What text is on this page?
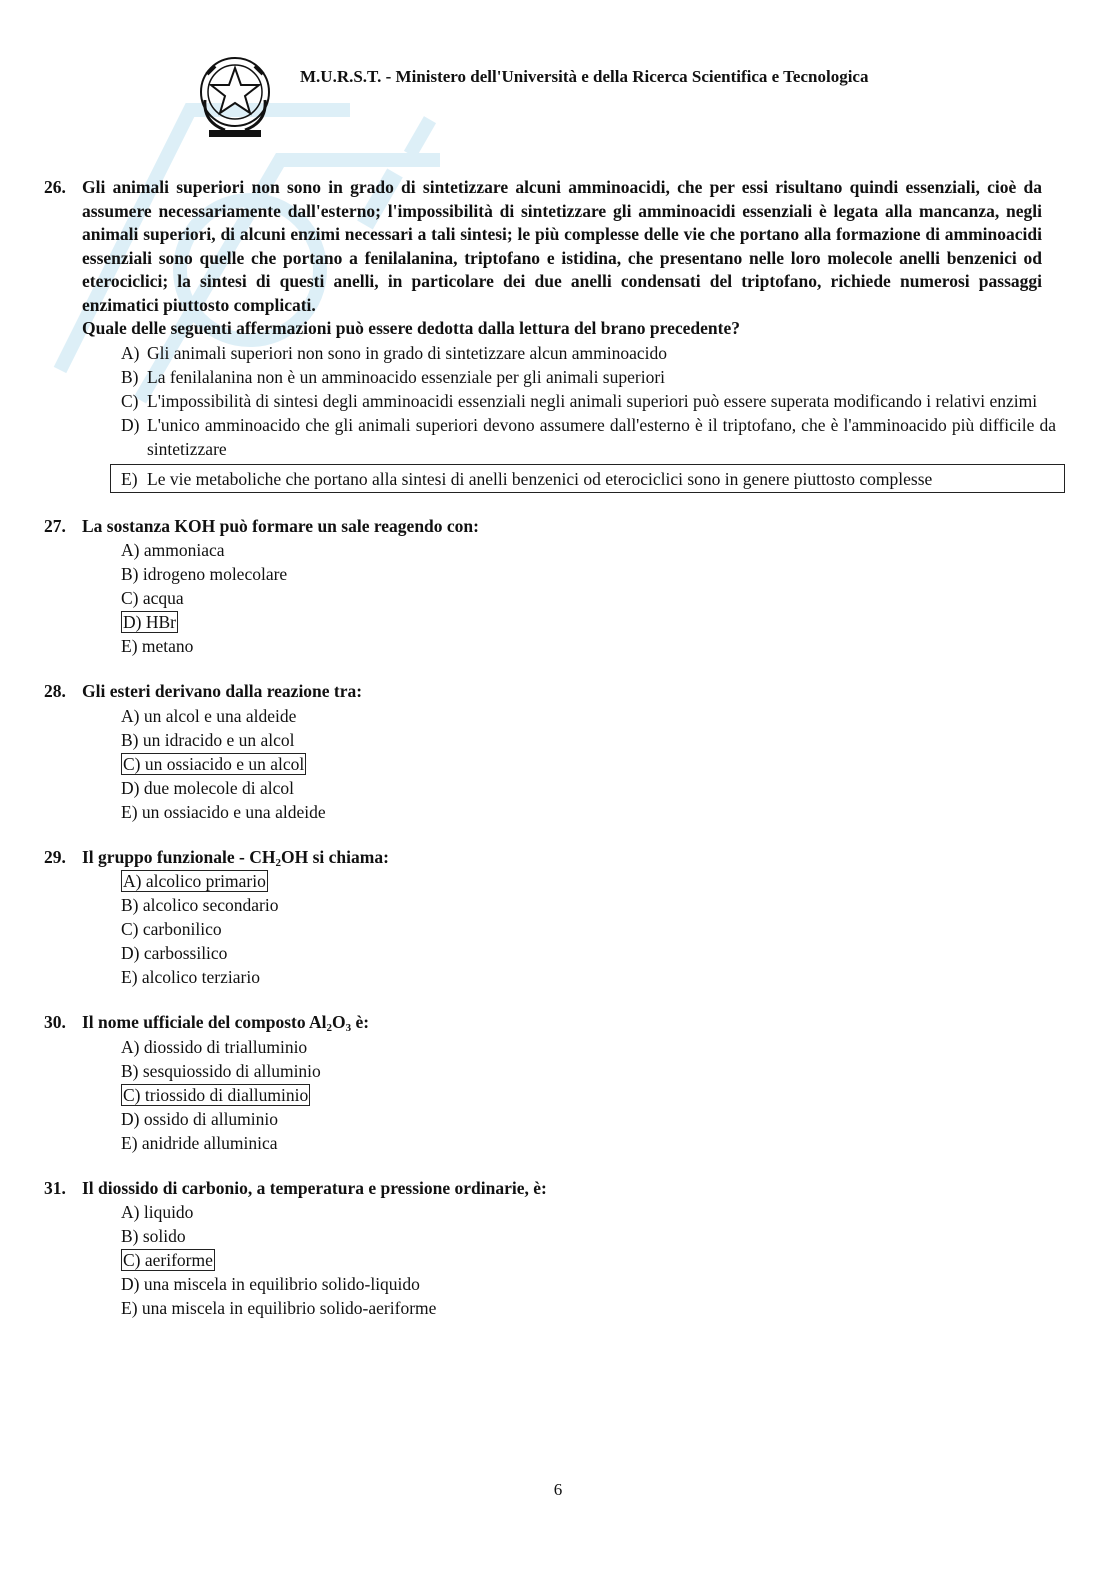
M.U.R.S.T. - Ministero dell'Università e della Ricerca Scientifica e Tecnologica
26. Gli animali superiori non sono in grado di sintetizzare alcuni amminoacidi, che per essi risultano quindi essenziali, cioè da assumere necessariamente dall'esterno; l'impossibilità di sintetizzare gli amminoacidi essenziali è legata alla mancanza, negli animali superiori, di alcuni enzimi necessari a tali sintesi; le più complesse delle vie che portano alla formazione di amminoacidi essenziali sono quelle che portano a fenilalanina, triptofano e istidina, che presentano nelle loro molecole anelli benzenici od eterociclici; la sintesi di questi anelli, in particolare dei due anelli condensati del triptofano, richiede numerosi passaggi enzimatici piuttosto complicati.
Quale delle seguenti affermazioni può essere dedotta dalla lettura del brano precedente?
A) Gli animali superiori non sono in grado di sintetizzare alcun amminoacido
B) La fenilalanina non è un amminoacido essenziale per gli animali superiori
C) L'impossibilità di sintesi degli amminoacidi essenziali negli animali superiori può essere superata modificando i relativi enzimi
D) L'unico amminoacido che gli animali superiori devono assumere dall'esterno è il triptofano, che è l'amminoacido più difficile da sintetizzare
E) Le vie metaboliche che portano alla sintesi di anelli benzenici od eterociclici sono in genere piuttosto complesse
27. La sostanza KOH può formare un sale reagendo con:
A) ammoniaca
B) idrogeno molecolare
C) acqua
D) HBr
E) metano
28. Gli esteri derivano dalla reazione tra:
A) un alcol e una aldeide
B) un idracido e un alcol
C) un ossiacido e un alcol
D) due molecole di alcol
E) un ossiacido e una aldeide
29. Il gruppo funzionale - $CH_2OH$ si chiama:
A) alcolico primario
B) alcolico secondario
C) carbonilico
D) carbossilico
E) alcolico terziario
30. Il nome ufficiale del composto $Al_2O_3$ è:
A) diossido di trialluminio
B) sesquiossido di alluminio
C) triossido di dialluminio
D) ossido di alluminio
E) anidride alluminica
31. Il diossido di carbonio, a temperatura e pressione ordinarie, è:
A) liquido
B) solido
C) aeriforme
D) una miscela in equilibrio solido-liquido
E) una miscela in equilibrio solido-aeriforme
6
